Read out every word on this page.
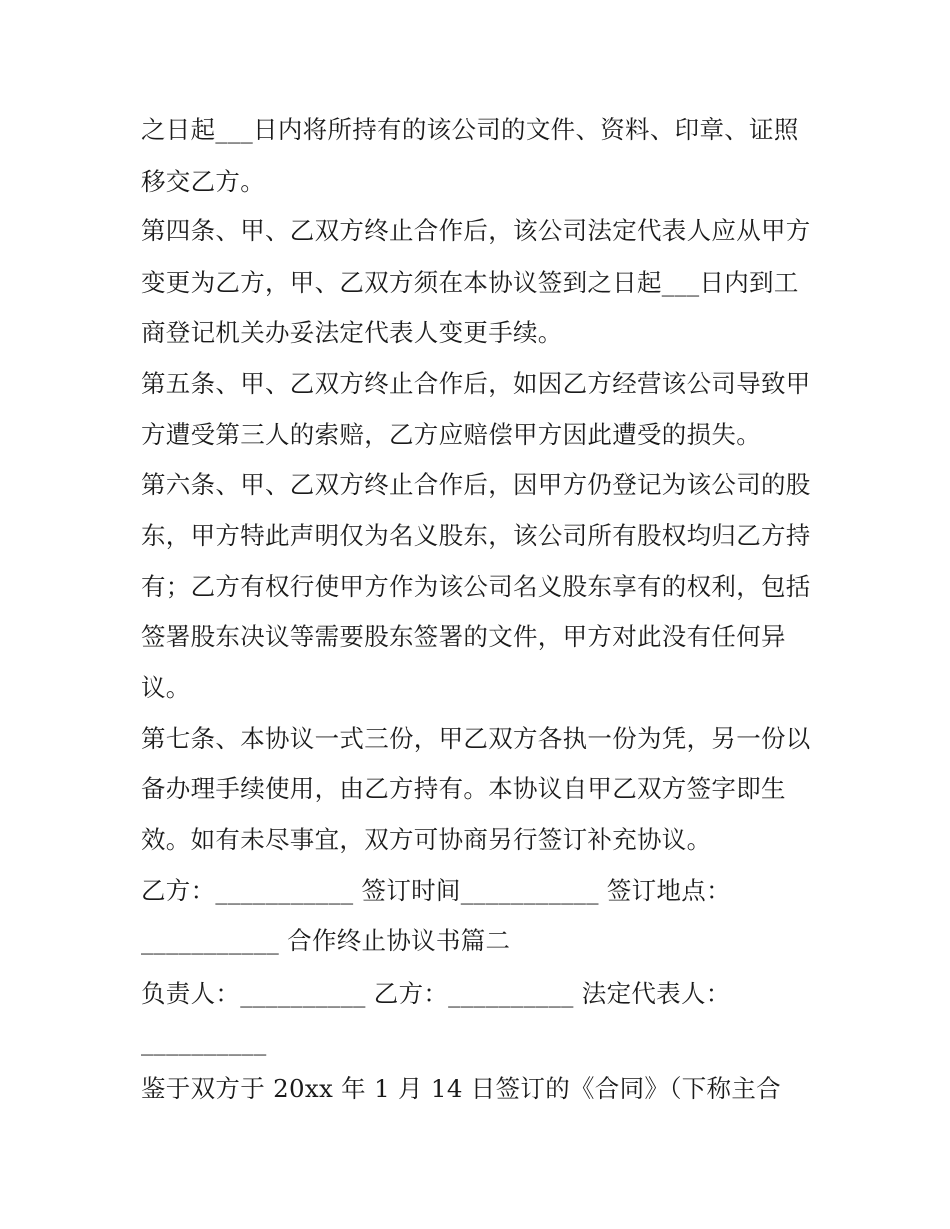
之日起___日内将所持有的该公司的文件、资料、印章、证照
移交乙方。
第四条、甲、乙双方终止合作后，该公司法定代表人应从甲方
变更为乙方，甲、乙双方须在本协议签到之日起___日内到工
商登记机关办妥法定代表人变更手续。
第五条、甲、乙双方终止合作后，如因乙方经营该公司导致甲
方遭受第三人的索赔，乙方应赔偿甲方因此遭受的损失。
第六条、甲、乙双方终止合作后，因甲方仍登记为该公司的股
东，甲方特此声明仅为名义股东，该公司所有股权均归乙方持
有；乙方有权行使甲方作为该公司名义股东享有的权利，包括
签署股东决议等需要股东签署的文件，甲方对此没有任何异
议。
第七条、本协议一式三份，甲乙双方各执一份为凭，另一份以
备办理手续使用，由乙方持有。本协议自甲乙双方签字即生
效。如有未尽事宜，双方可协商另行签订补充协议。
乙方：___________ 签订时间___________ 签订地点：
___________ 合作终止协议书篇二
负责人：__________ 乙方：__________ 法定代表人：
__________
鉴于双方于 20xx 年 1 月 14 日签订的《合同》（下称主合
